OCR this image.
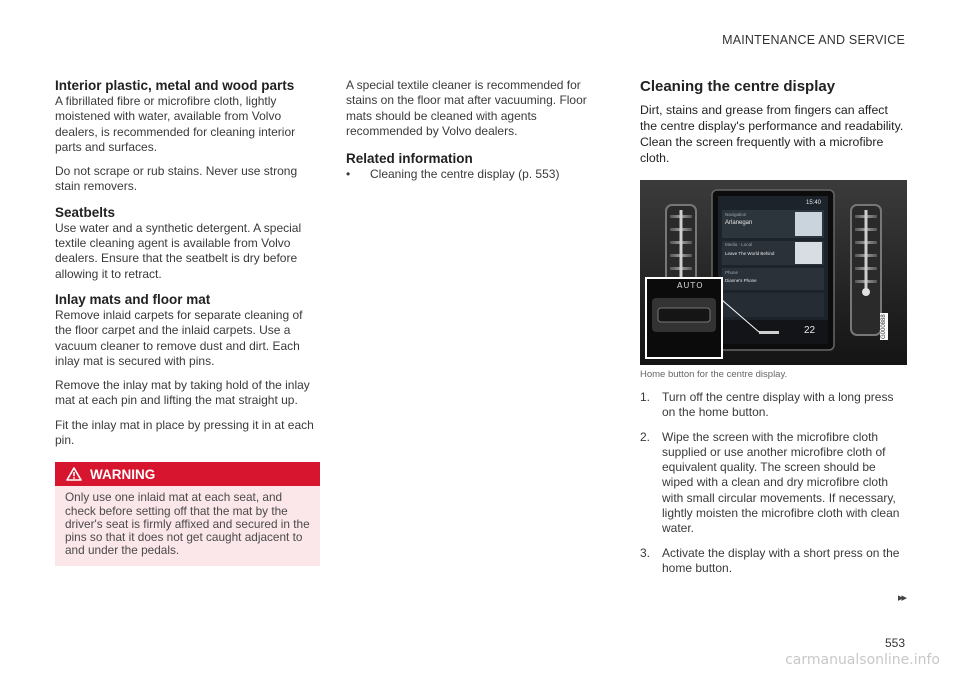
MAINTENANCE AND SERVICE
Interior plastic, metal and wood parts

A fibrillated fibre or microfibre cloth, lightly moistened with water, available from Volvo dealers, is recommended for cleaning interior parts and surfaces.

Do not scrape or rub stains. Never use strong stain removers.

Seatbelts

Use water and a synthetic detergent. A special textile cleaning agent is available from Volvo dealers. Ensure that the seatbelt is dry before allowing it to retract.

Inlay mats and floor mat

Remove inlaid carpets for separate cleaning of the floor carpet and the inlaid carpets. Use a vacuum cleaner to remove dust and dirt. Each inlay mat is secured with pins.

Remove the inlay mat by taking hold of the inlay mat at each pin and lifting the mat straight up.

Fit the inlay mat in place by pressing it in at each pin.

WARNING
Only use one inlaid mat at each seat, and check before setting off that the mat by the driver's seat is firmly affixed and secured in the pins so that it does not get caught adjacent to and under the pedals.

A special textile cleaner is recommended for stains on the floor mat after vacuuming. Floor mats should be cleaned with agents recommended by Volvo dealers.

Related information
•	Cleaning the centre display (p. 553)
Cleaning the centre display
Dirt, stains and grease from fingers can affect the centre display's performance and readability. Clean the screen frequently with a microfibre cloth.
AUTO
15:40
Navigation
Arlanegan
Media · Local
Leave The World Behind
Phone
Dianne's Phone
22	G000888
Home button for the centre display.
1. Turn off the centre display with a long press on the home button.
2. Wipe the screen with the microfibre cloth supplied or use another microfibre cloth of equivalent quality. The screen should be wiped with a clean and dry microfibre cloth with small circular movements. If necessary, lightly moisten the microfibre cloth with clean water.
3. Activate the display with a short press on the home button.
▸▸
553
carmanualsonline.info
